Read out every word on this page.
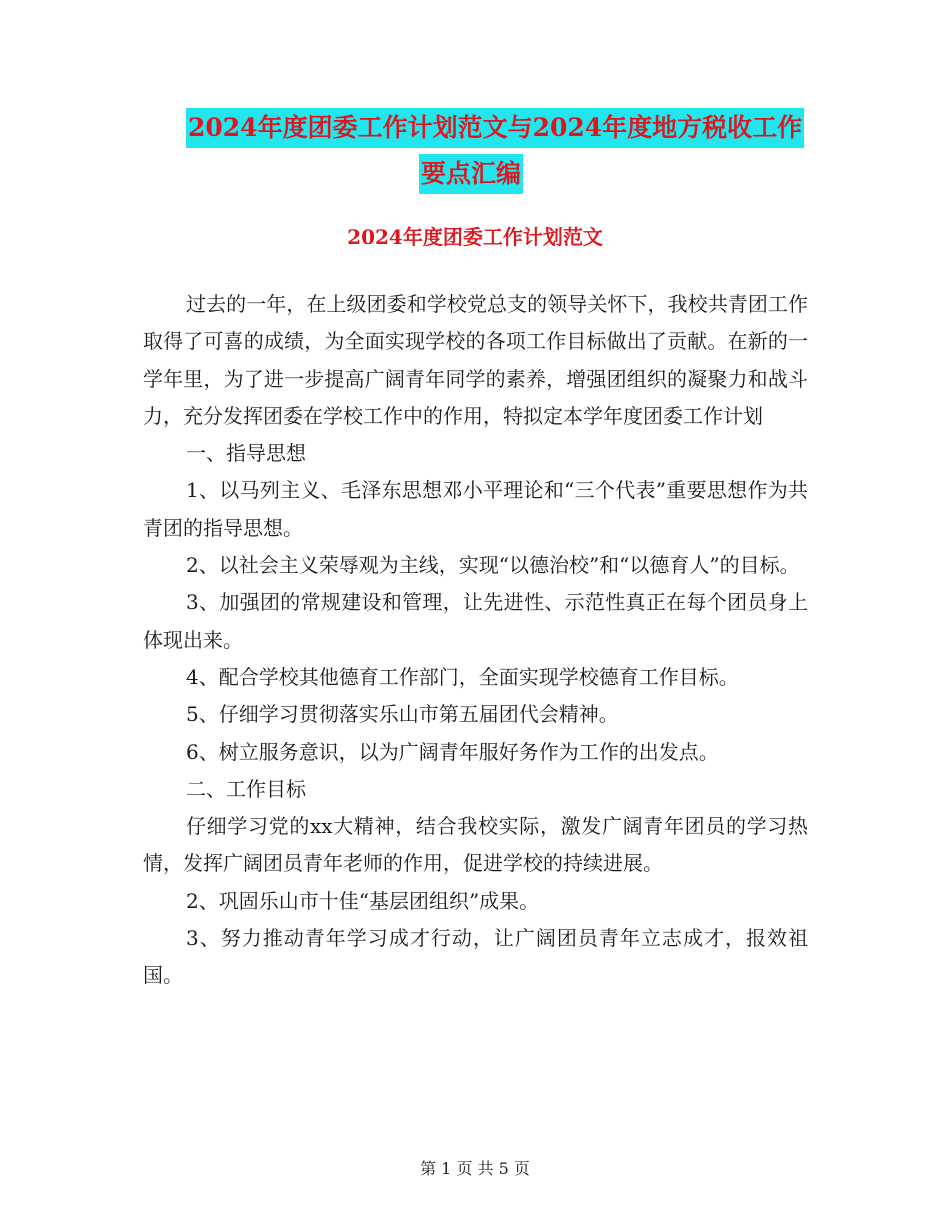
2024年度团委工作计划范文与2024年度地方税收工作
要点汇编
2024年度团委工作计划范文

过去的一年，在上级团委和学校党总支的领导关怀下，我校共青团工作取得了可喜的成绩，为全面实现学校的各项工作目标做出了贡献。在新的一学年里，为了进一步提高广阔青年同学的素养，增强团组织的凝聚力和战斗力，充分发挥团委在学校工作中的作用，特拟定本学年度团委工作计划

一、指导思想

1、以马列主义、毛泽东思想邓小平理论和“三个代表”重要思想作为共青团的指导思想。

2、以社会主义荣辱观为主线，实现“以德治校”和“以德育人”的目标。

3、加强团的常规建设和管理，让先进性、示范性真正在每个团员身上体现出来。

4、配合学校其他德育工作部门，全面实现学校德育工作目标。

5、仔细学习贯彻落实乐山市第五届团代会精神。

6、树立服务意识，以为广阔青年服好务作为工作的出发点。

二、工作目标

仔细学习党的xx大精神，结合我校实际，激发广阔青年团员的学习热情，发挥广阔团员青年老师的作用，促进学校的持续进展。

2、巩固乐山市十佳“基层团组织”成果。

3、努力推动青年学习成才行动，让广阔团员青年立志成才，报效祖国。

第 1 页 共 5 页
